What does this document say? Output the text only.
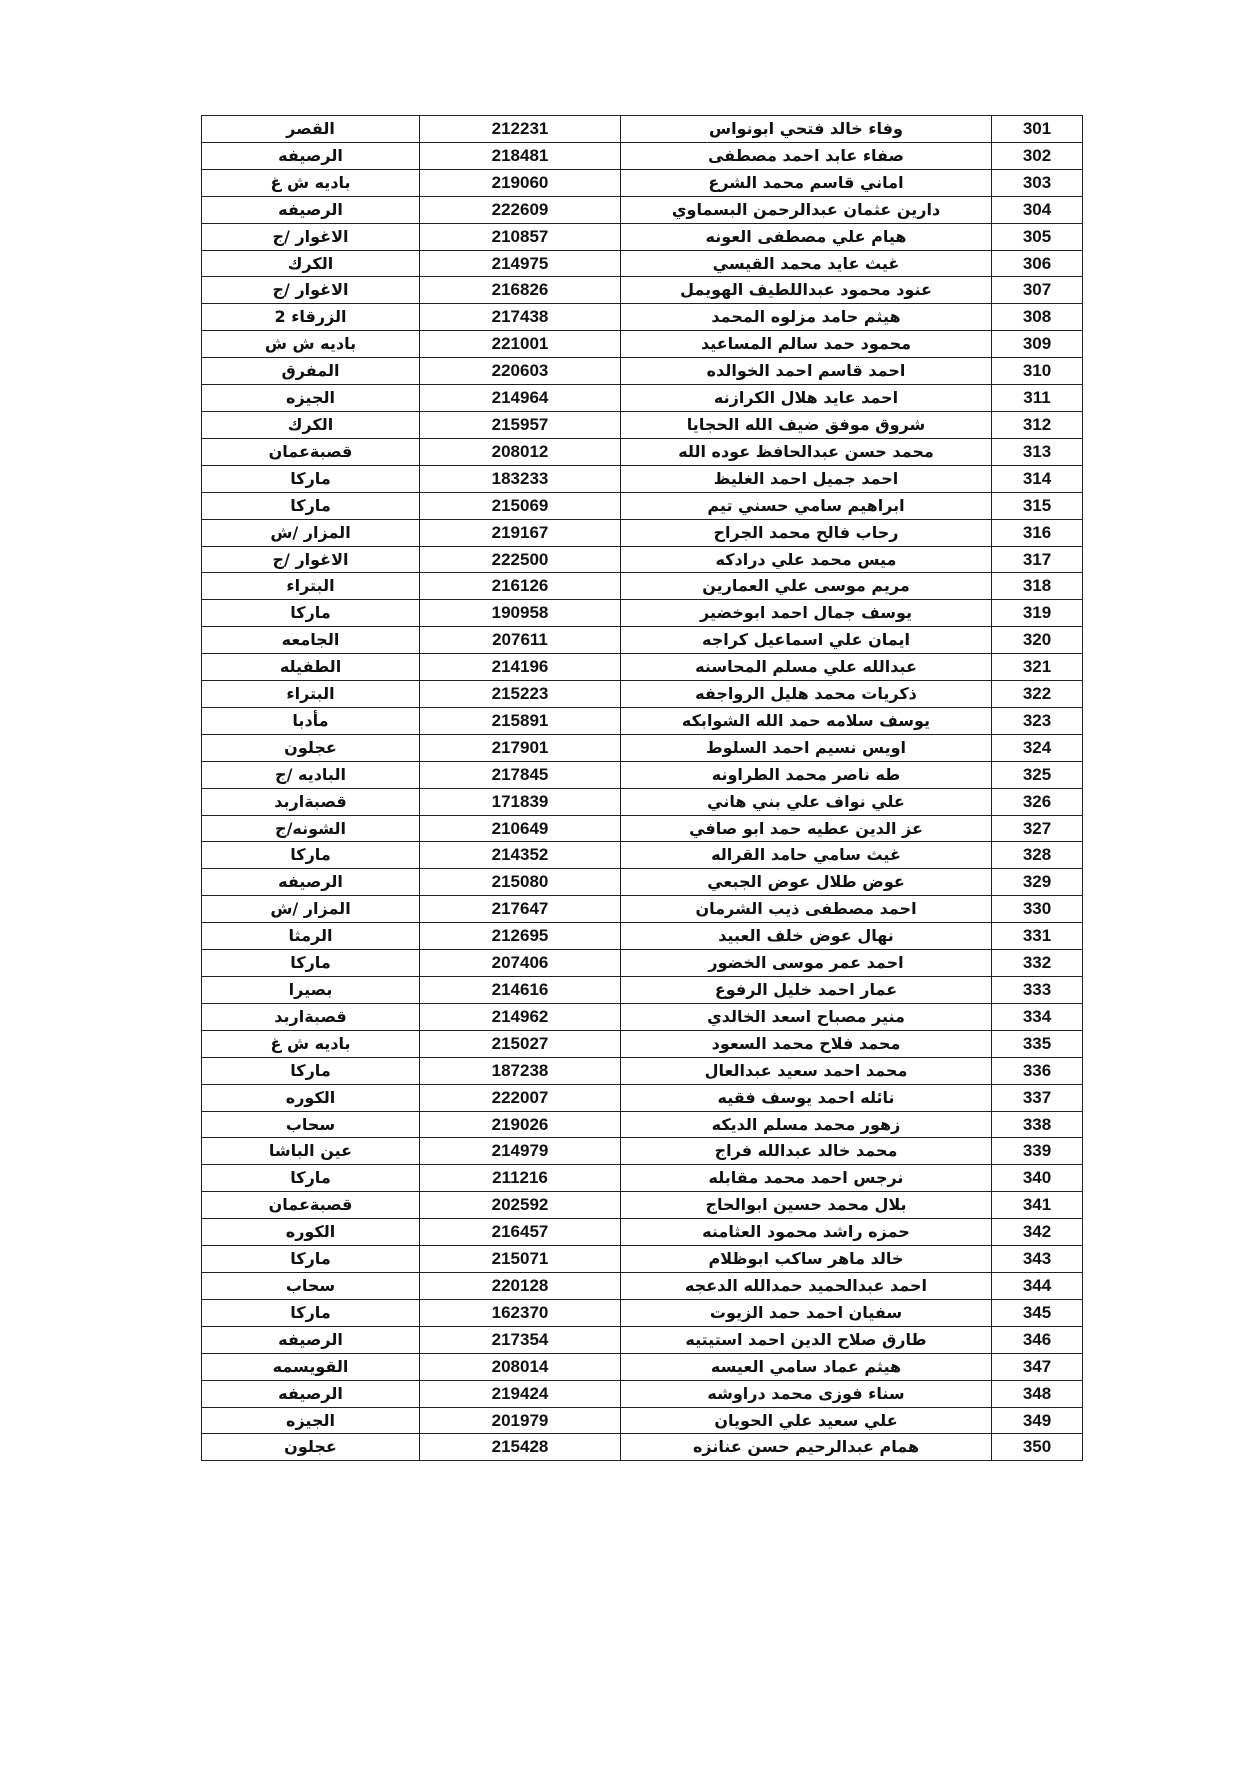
القصر	212231	وفاء خالد فتحي ابونواس	301
الرصيفه	218481	صفاء عابد احمد مصطفى	302
باديه ش غ	219060	اماني قاسم محمد الشرع	303
الرصيفه	222609	دارين عثمان عبدالرحمن البسماوي	304
الاغوار /ج	210857	هيام علي مصطفى العونه	305
الكرك	214975	غيث عايد محمد القيسي	306
الاغوار /ج	216826	عنود محمود عبداللطيف الهويمل	307
الزرقاء 2	217438	هيثم حامد مزلوه المحمد	308
باديه ش ش	221001	محمود حمد سالم المساعيد	309
المفرق	220603	احمد قاسم احمد الخوالده	310
الجيزه	214964	احمد عايد هلال الكرازنه	311
الكرك	215957	شروق موفق ضيف الله الحجايا	312
قصبةعمان	208012	محمد حسن عبدالحافظ عوده الله	313
ماركا	183233	احمد جميل احمد الغليظ	314
ماركا	215069	ابراهيم سامي حسني تيم	315
المزار /ش	219167	رحاب فالح محمد الجراح	316
الاغوار /ج	222500	ميس محمد علي درادكه	317
البتراء	216126	مريم موسى علي العمارين	318
ماركا	190958	يوسف جمال احمد ابوخضير	319
الجامعه	207611	ايمان علي اسماعيل كراجه	320
الطفيله	214196	عبدالله علي مسلم المحاسنه	321
البتراء	215223	ذكريات محمد هليل الرواجفه	322
مأدبا	215891	يوسف سلامه حمد الله الشوابكه	323
عجلون	217901	اويس نسيم احمد السلوط	324
الباديه /ج	217845	طه ناصر محمد الطراونه	325
قصبةاربد	171839	علي نواف علي بني هاني	326
الشونه/ج	210649	عز الدين عطيه حمد ابو صافي	327
ماركا	214352	غيث سامي حامد القراله	328
الرصيفه	215080	عوض طلال عوض الجبعي	329
المزار /ش	217647	احمد مصطفى ذيب الشرمان	330
الرمثا	212695	نهال عوض خلف العبيد	331
ماركا	207406	احمد عمر موسى الخضور	332
بصيرا	214616	عمار احمد خليل الرفوع	333
قصبةاربد	214962	منير مصباح اسعد الخالدي	334
باديه ش غ	215027	محمد فلاح محمد السعود	335
ماركا	187238	محمد احمد سعيد عبدالعال	336
الكوره	222007	نائله احمد يوسف فقيه	337
سحاب	219026	زهور محمد مسلم الديكه	338
عين الباشا	214979	محمد خالد عبدالله فراج	339
ماركا	211216	نرجس احمد محمد مقابله	340
قصبةعمان	202592	بلال محمد حسين ابوالحاج	341
الكوره	216457	حمزه راشد محمود العثامنه	342
ماركا	215071	خالد ماهر ساكب ابوظلام	343
سحاب	220128	احمد عبدالحميد حمدالله الدعجه	344
ماركا	162370	سفيان احمد حمد الزيوت	345
الرصيفه	217354	طارق صلاح الدين احمد استيتيه	346
القويسمه	208014	هيثم عماد سامي العيسه	347
الرصيفه	219424	سناء فوزى محمد دراوشه	348
الجيزه	201979	علي سعيد علي الحويان	349
عجلون	215428	همام عبدالرحيم حسن عنانزه	350
